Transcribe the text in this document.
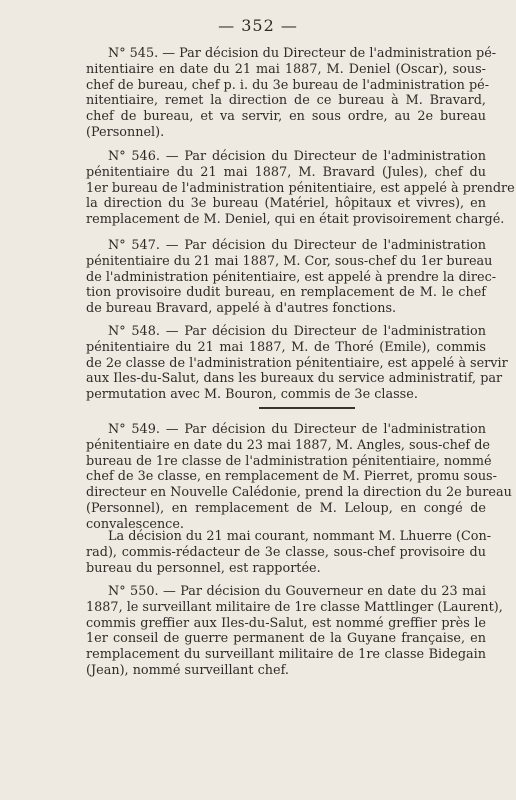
— 352 —
N° 545. — Par décision du Directeur de l'administration pé-
nitentiaire en date du 21 mai 1887, M. Deniel (Oscar), sous-
chef de bureau, chef p. i. du 3e bureau de l'administration pé-
nitentiaire, remet la direction de ce bureau à M. Bravard,
chef de bureau, et va servir, en sous ordre, au 2e bureau
(Personnel).
N° 546. — Par décision du Directeur de l'administration
pénitentiaire du 21 mai 1887, M. Bravard (Jules), chef du
1er bureau de l'administration pénitentiaire, est appelé à prendre
la direction du 3e bureau (Matériel, hôpitaux et vivres), en
remplacement de M. Deniel, qui en était provisoirement chargé.
N° 547. — Par décision du Directeur de l'administration
pénitentiaire du 21 mai 1887, M. Cor, sous-chef du 1er bureau
de l'administration pénitentiaire, est appelé à prendre la direc-
tion provisoire dudit bureau, en remplacement de M. le chef
de bureau Bravard, appelé à d'autres fonctions.
N° 548. — Par décision du Directeur de l'administration
pénitentiaire du 21 mai 1887, M. de Thoré (Emile), commis
de 2e classe de l'administration pénitentiaire, est appelé à servir
aux Iles-du-Salut, dans les bureaux du service administratif, par
permutation avec M. Bouron, commis de 3e classe.
N° 549. — Par décision du Directeur de l'administration
pénitentiaire en date du 23 mai 1887, M. Angles, sous-chef de
bureau de 1re classe de l'administration pénitentiaire, nommé
chef de 3e classe, en remplacement de M. Pierret, promu sous-
directeur en Nouvelle Calédonie, prend la direction du 2e bureau
(Personnel), en remplacement de M. Leloup, en congé de
convalescence.
La décision du 21 mai courant, nommant M. Lhuerre (Con-
rad), commis-rédacteur de 3e classe, sous-chef provisoire du
bureau du personnel, est rapportée.
N° 550. — Par décision du Gouverneur en date du 23 mai
1887, le surveillant militaire de 1re classe Mattlinger (Laurent),
commis greffier aux Iles-du-Salut, est nommé greffier près le
1er conseil de guerre permanent de la Guyane française, en
remplacement du surveillant militaire de 1re classe Bidegain
(Jean), nommé surveillant chef.
